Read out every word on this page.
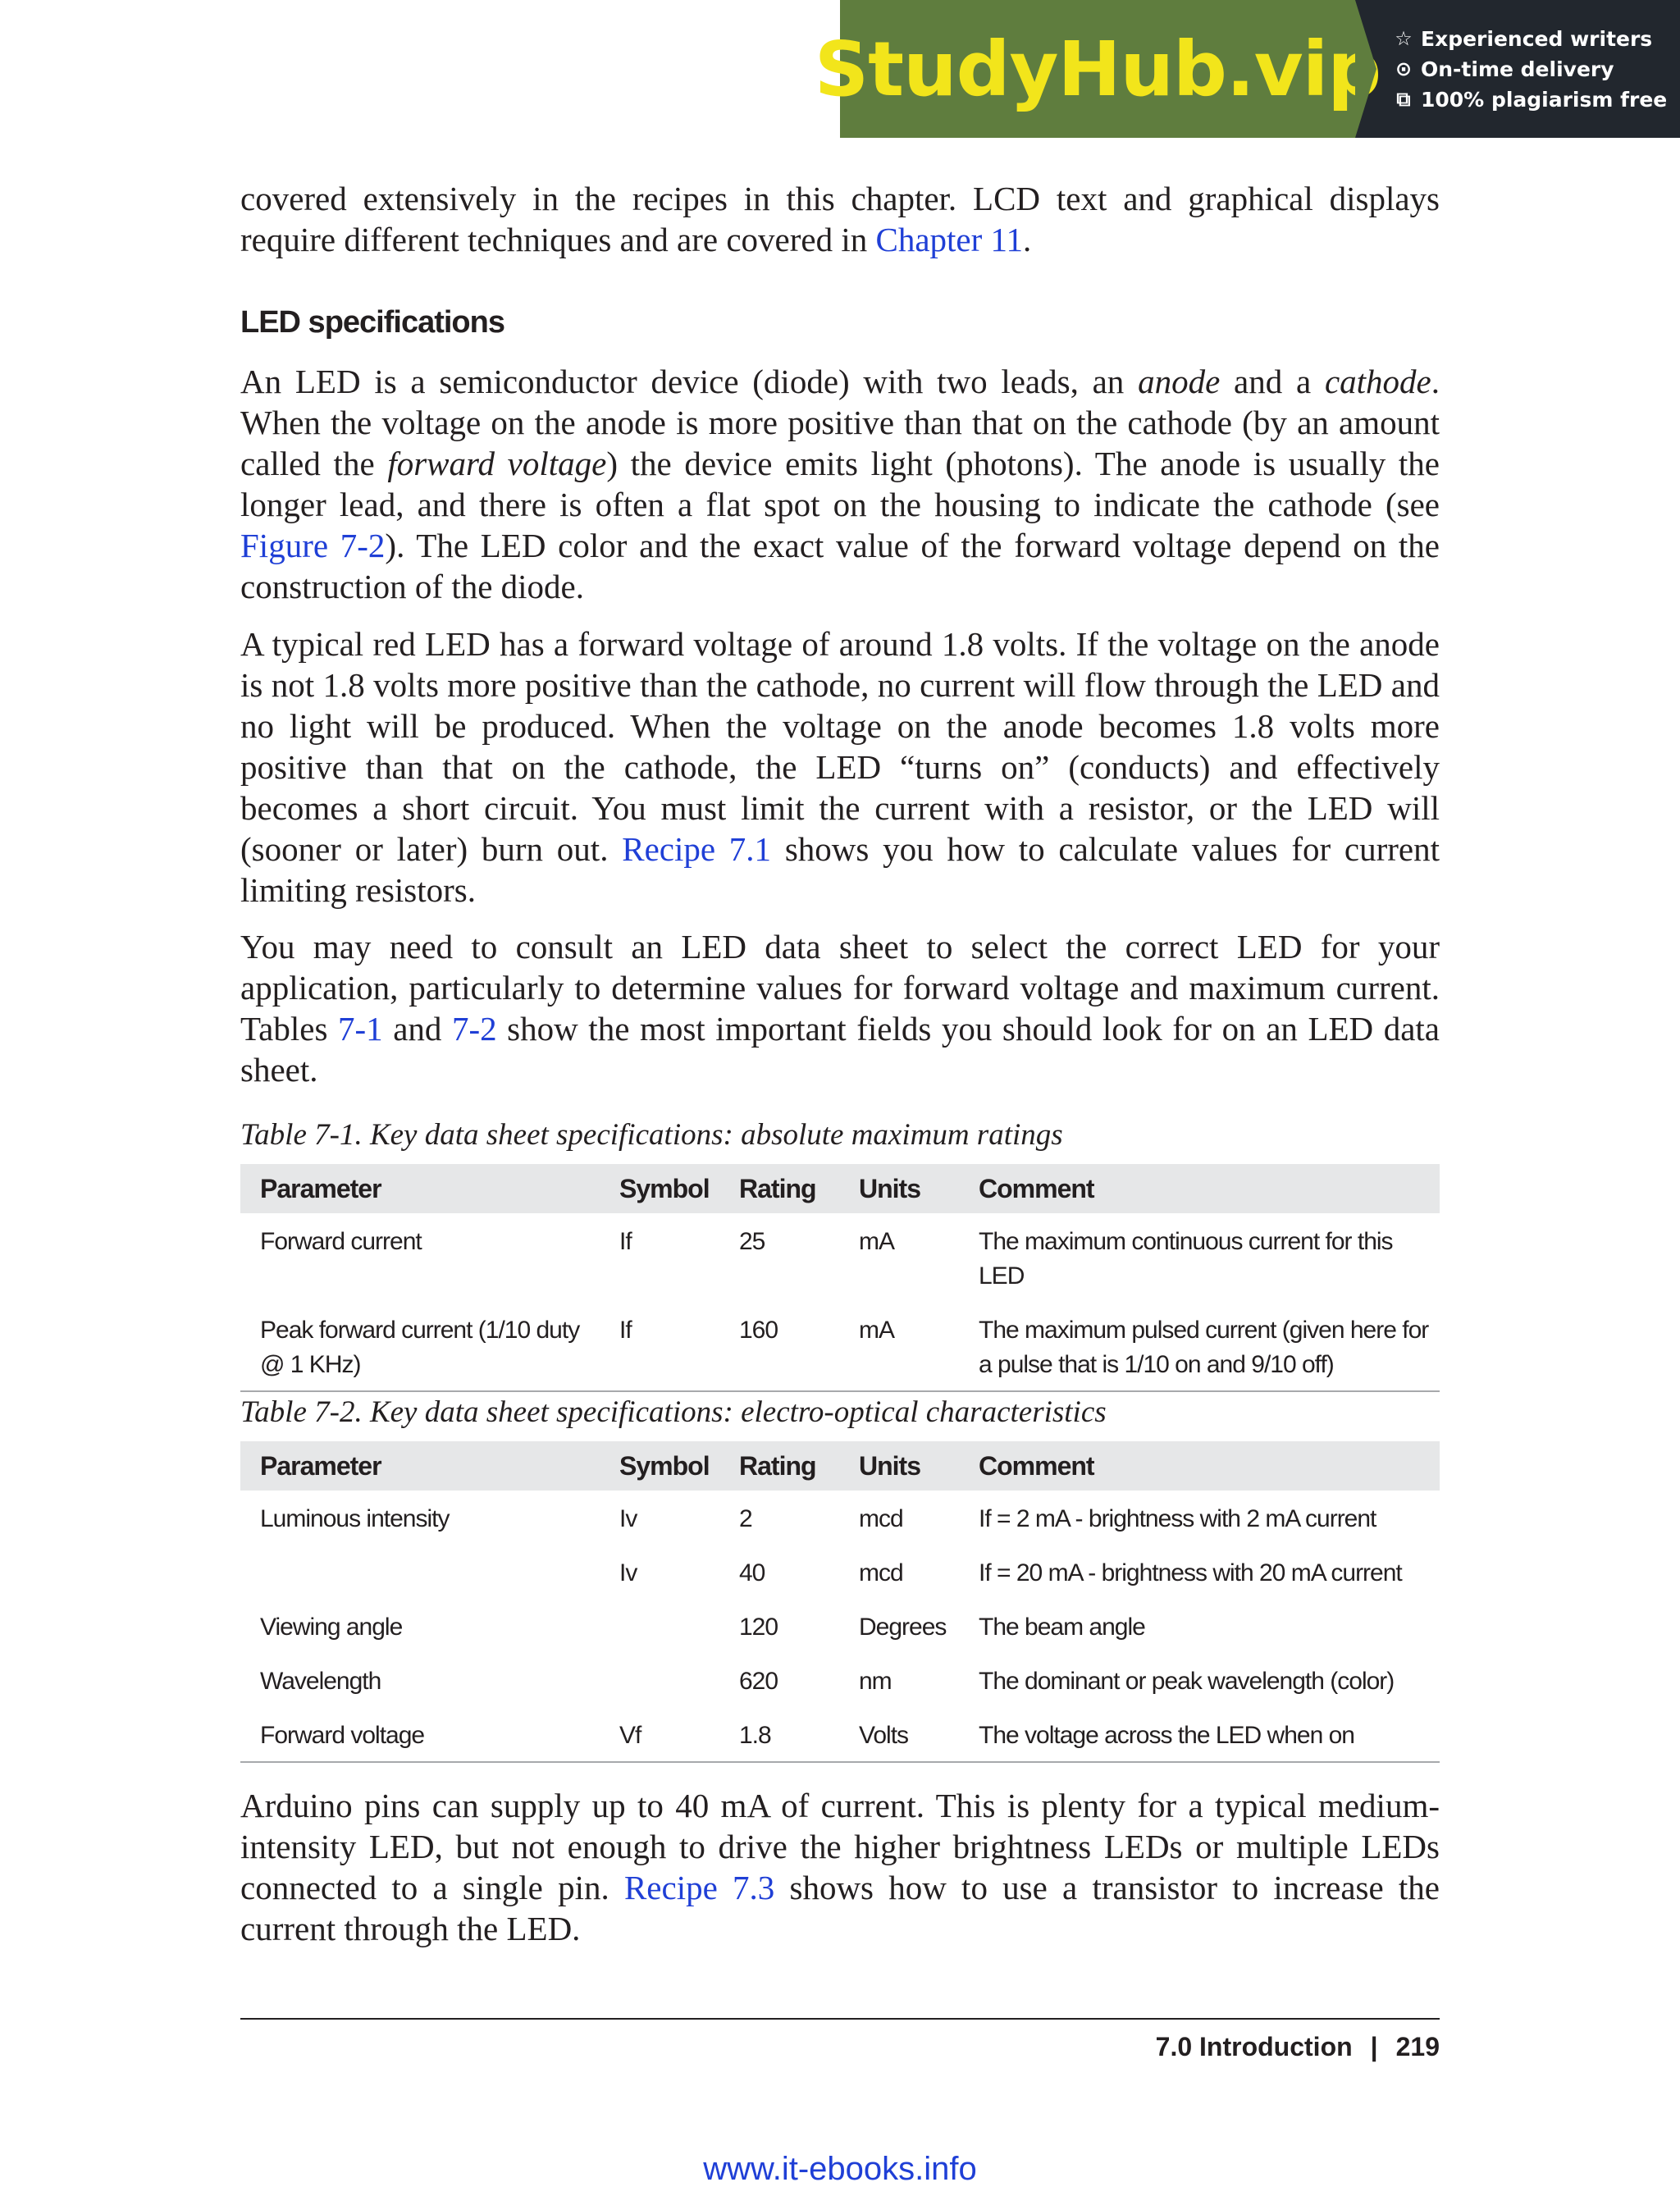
StudyHub.vip ☆ Experienced writers
⊙ On-time delivery
⧉ 100% plagiarism free

covered extensively in the recipes in this chapter. LCD text and graphical displays require different techniques and are covered in Chapter 11.

LED specifications

An LED is a semiconductor device (diode) with two leads, an anode and a cathode. When the voltage on the anode is more positive than that on the cathode (by an amount called the forward voltage) the device emits light (photons). The anode is usually the longer lead, and there is often a flat spot on the housing to indicate the cathode (see Figure 7-2). The LED color and the exact value of the forward voltage depend on the construction of the diode.

A typical red LED has a forward voltage of around 1.8 volts. If the voltage on the anode is not 1.8 volts more positive than the cathode, no current will flow through the LED and no light will be produced. When the voltage on the anode becomes 1.8 volts more positive than that on the cathode, the LED “turns on” (conducts) and effectively becomes a short circuit. You must limit the current with a resistor, or the LED will (sooner or later) burn out. Recipe 7.1 shows you how to calculate values for current limiting resistors.

You may need to consult an LED data sheet to select the correct LED for your application, particularly to determine values for forward voltage and maximum current. Tables 7-1 and 7-2 show the most important fields you should look for on an LED data sheet.

Table 7-1. Key data sheet specifications: absolute maximum ratings

Parameter	Symbol	Rating	Units	Comment
Forward current	If	25	mA	The maximum continuous current for this LED
Peak forward current (1/10 duty @ 1 KHz)	If	160	mA	The maximum pulsed current (given here for a pulse that is 1/10 on and 9/10 off)

Table 7-2. Key data sheet specifications: electro-optical characteristics

Parameter	Symbol	Rating	Units	Comment
Luminous intensity	Iv	2	mcd	If = 2 mA - brightness with 2 mA current
	Iv	40	mcd	If = 20 mA - brightness with 20 mA current
Viewing angle		120	Degrees	The beam angle
Wavelength		620	nm	The dominant or peak wavelength (color)
Forward voltage	Vf	1.8	Volts	The voltage across the LED when on

Arduino pins can supply up to 40 mA of current. This is plenty for a typical medium-intensity LED, but not enough to drive the higher brightness LEDs or multiple LEDs connected to a single pin. Recipe 7.3 shows how to use a transistor to increase the current through the LED.

7.0 Introduction | 219
www.it-ebooks.info
